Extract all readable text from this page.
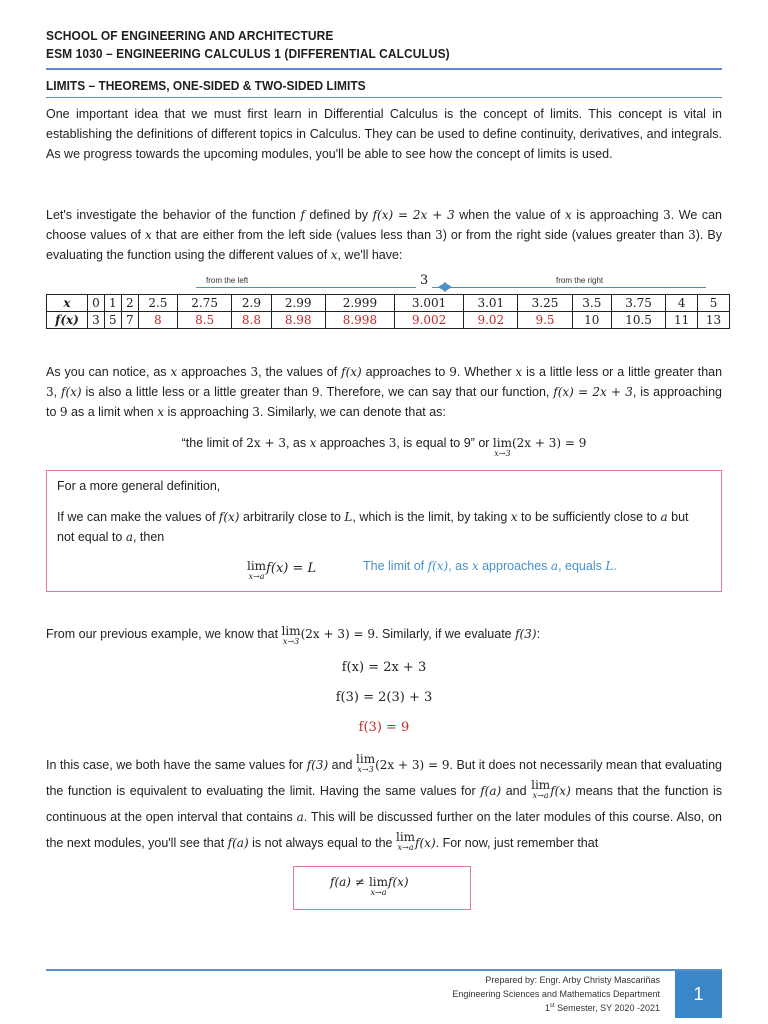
SCHOOL OF ENGINEERING AND ARCHITECTURE
ESM 1030 – ENGINEERING CALCULUS 1 (DIFFERENTIAL CALCULUS)
LIMITS – THEOREMS, ONE-SIDED & TWO-SIDED LIMITS
One important idea that we must first learn in Differential Calculus is the concept of limits. This concept is vital in establishing the definitions of different topics in Calculus. They can be used to define continuity, derivatives, and integrals. As we progress towards the upcoming modules, you'll be able to see how the concept of limits is used.
Let's investigate the behavior of the function f defined by f(x) = 2x + 3 when the value of x is approaching 3. We can choose values of x that are either from the left side (values less than 3) or from the right side (values greater than 3). By evaluating the function using the different values of x, we'll have:
from the left	3	from the right
x	0	1	2	2.5	2.75	2.9	2.99	2.999	3.001	3.01	3.25	3.5	3.75	4	5
f(x)	3	5	7	8	8.5	8.8	8.98	8.998	9.002	9.02	9.5	10	10.5	11	13
As you can notice, as x approaches 3, the values of f(x) approaches to 9. Whether x is a little less or a little greater than 3, f(x) is also a little less or a little greater than 9. Therefore, we can say that our function, f(x) = 2x + 3, is approaching to 9 as a limit when x is approaching 3. Similarly, we can denote that as:
“the limit of 2x + 3, as x approaches 3, is equal to 9” or lim
x→3
(2x + 3) = 9
For a more general definition,
If we can make the values of f(x) arbitrarily close to L, which is the limit, by taking x to be sufficiently close to a but not equal to a, then
lim
x→a
f(x) = L	The limit of f(x), as x approaches a, equals L.
From our previous example, we know that lim
x→3
(2x + 3) = 9. Similarly, if we evaluate f(3):
f(x) = 2x + 3
f(3) = 2(3) + 3
f(3) = 9
In this case, we both have the same values for f(3) and lim
x→3 (2x + 3) = 9. But it does not necessarily mean that evaluating the function is equivalent to evaluating the limit. Having the same values for f(a) and lim
x→a f(x) means that the function is continuous at the open interval that contains a. This will be discussed further on the later modules of this course. Also, on the next modules, you'll see that f(a) is not always equal to the lim
x→a f(x). For now, just remember that
f(a) ≠ lim
x→a
f(x)
Prepared by: Engr. Arby Christy Mascariñas
Engineering Sciences and Mathematics Department
1st Semester, SY 2020 -2021
1
